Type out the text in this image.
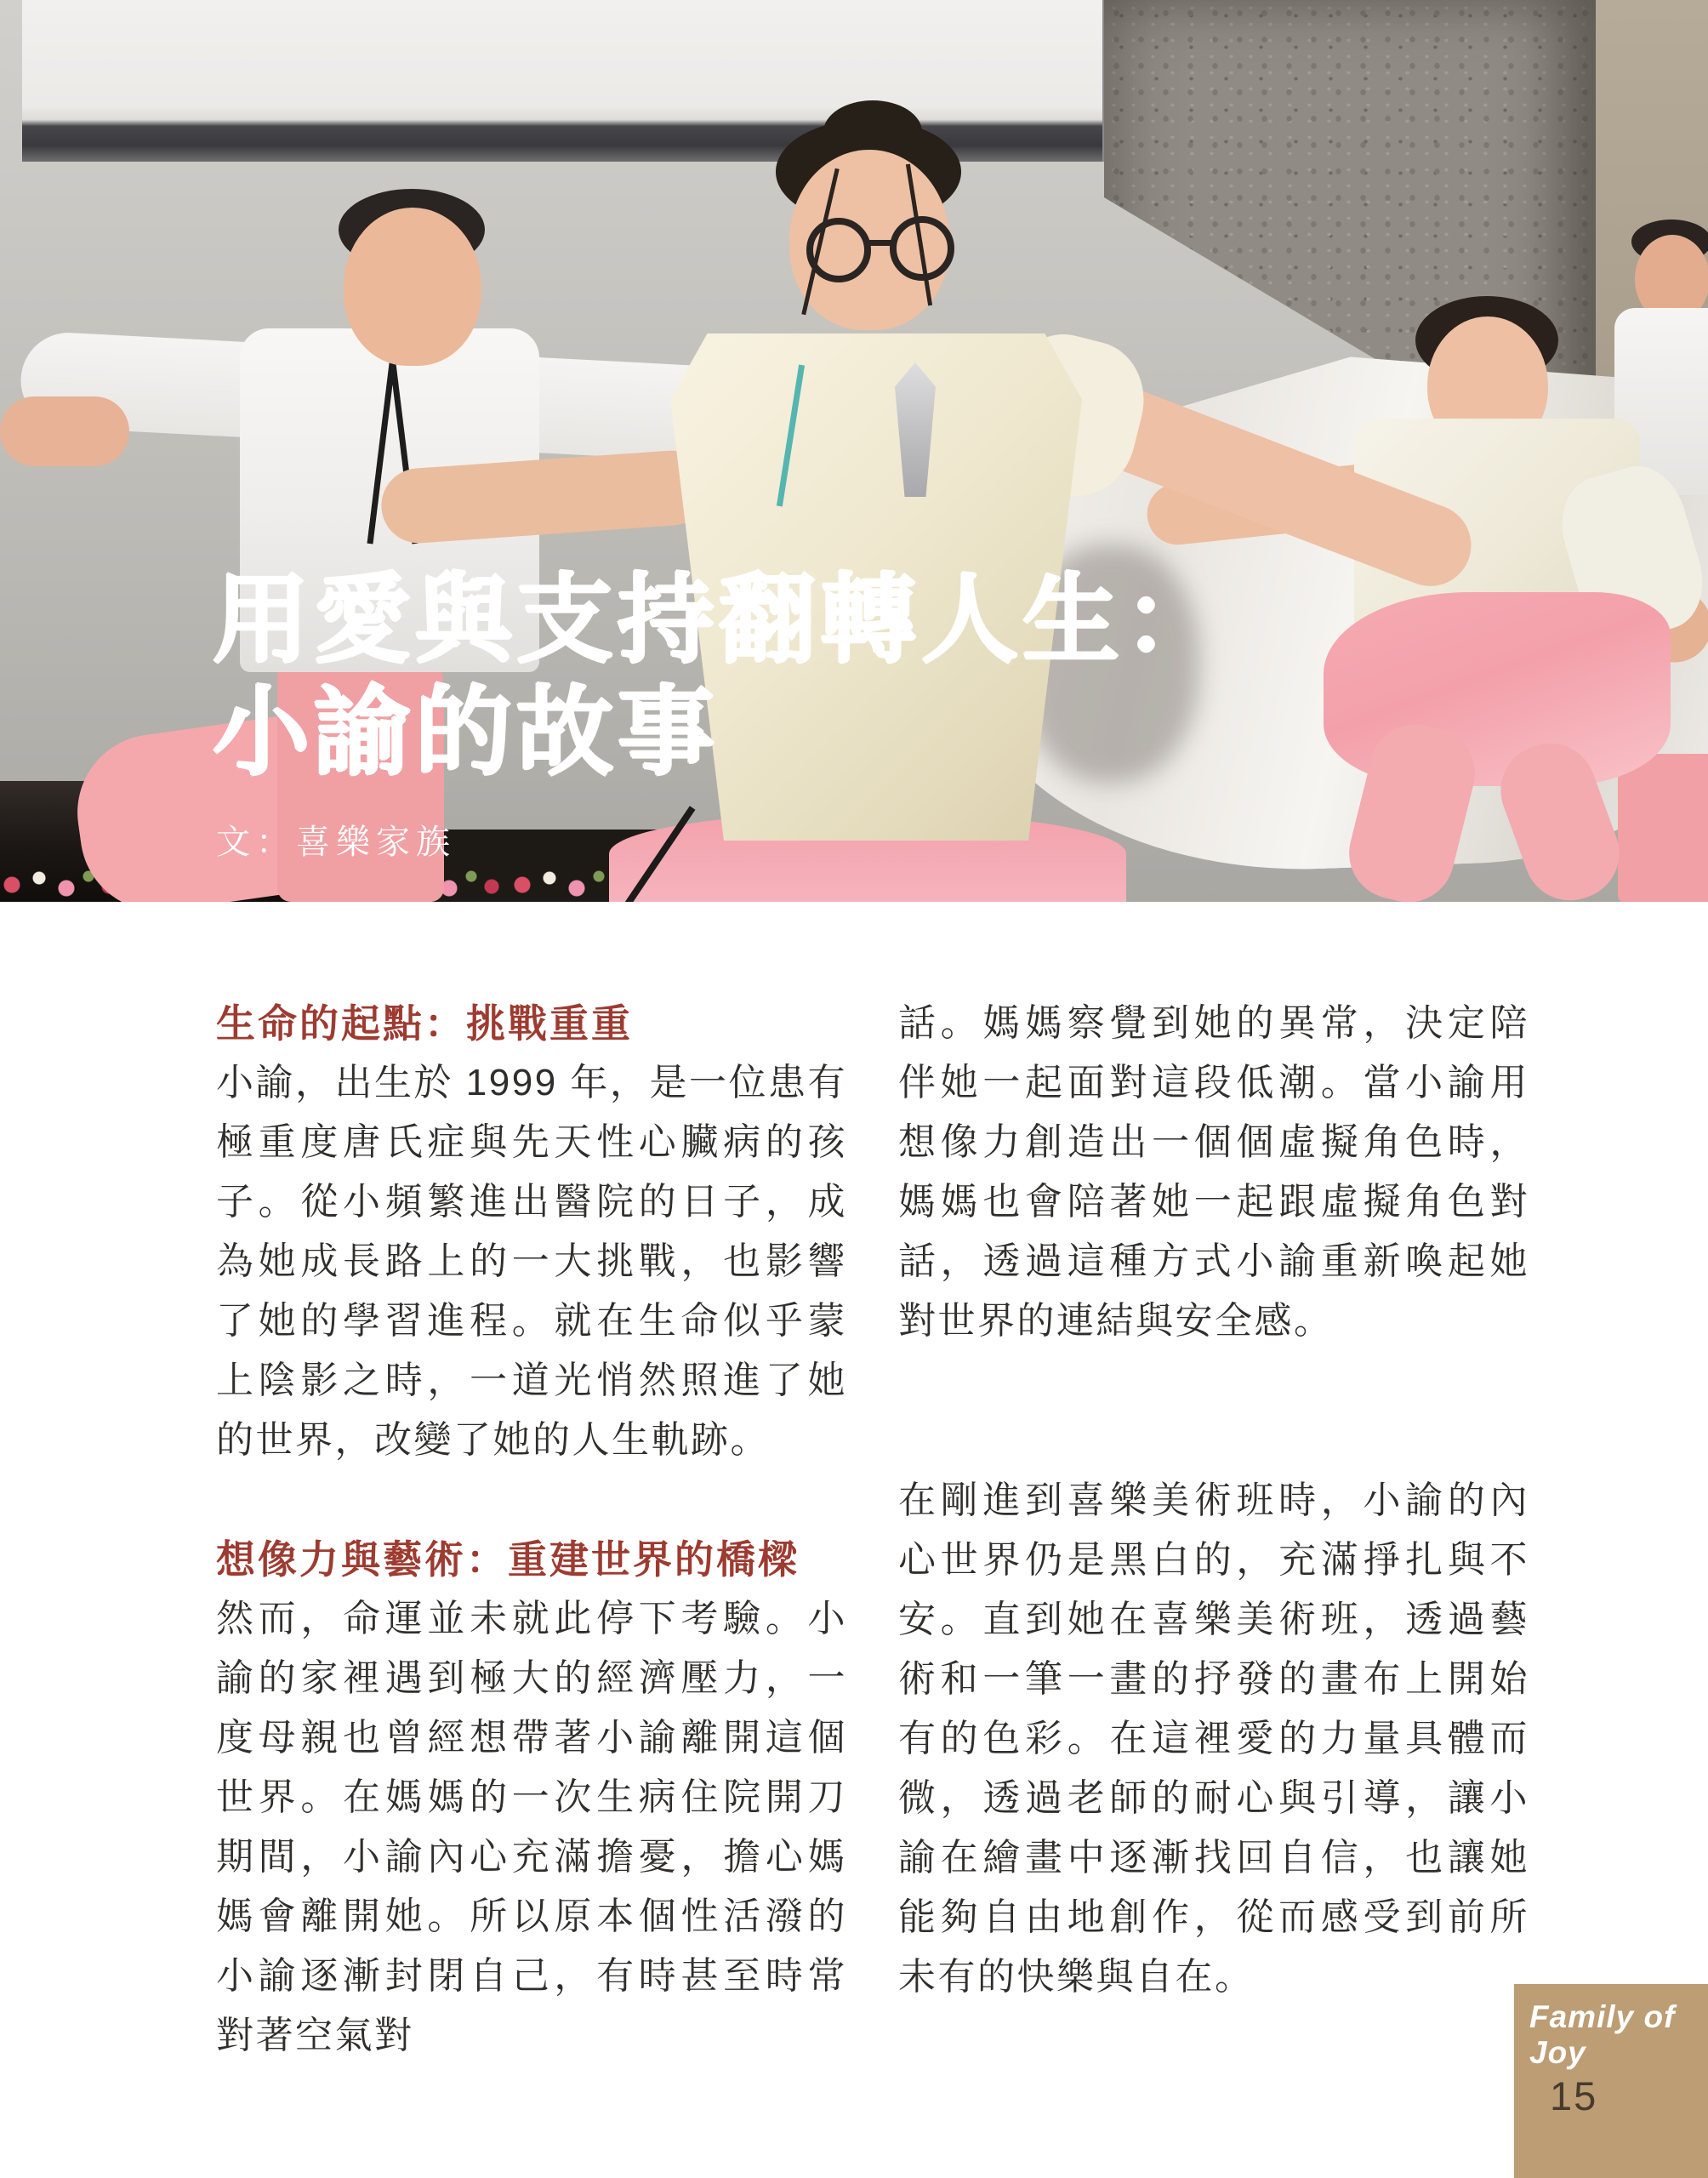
用愛與支持翻轉人生：
小諭的故事
文：喜樂家族
生命的起點：挑戰重重

小諭，出生於 1999 年，是一位患有極重度唐氏症與先天性心臟病的孩子。從小頻繁進出醫院的日子，成為她成長路上的一大挑戰，也影響了她的學習進程。就在生命似乎蒙上陰影之時，一道光悄然照進了她的世界，改變了她的人生軌跡。

想像力與藝術：重建世界的橋樑

然而，命運並未就此停下考驗。小諭的家裡遇到極大的經濟壓力，一度母親也曾經想帶著小諭離開這個世界。在媽媽的一次生病住院開刀期間，小諭內心充滿擔憂，擔心媽媽會離開她。所以原本個性活潑的小諭逐漸封閉自己，有時甚至時常對著空氣對

話。媽媽察覺到她的異常，決定陪伴她一起面對這段低潮。當小諭用想像力創造出一個個虛擬角色時，媽媽也會陪著她一起跟虛擬角色對話，透過這種方式小諭重新喚起她對世界的連結與安全感。

在剛進到喜樂美術班時，小諭的內心世界仍是黑白的，充滿掙扎與不安。直到她在喜樂美術班，透過藝術和一筆一畫的抒發的畫布上開始有的色彩。在這裡愛的力量具體而微，透過老師的耐心與引導，讓小諭在繪畫中逐漸找回自信，也讓她能夠自由地創作，從而感受到前所未有的快樂與自在。

Family of Joy
15
